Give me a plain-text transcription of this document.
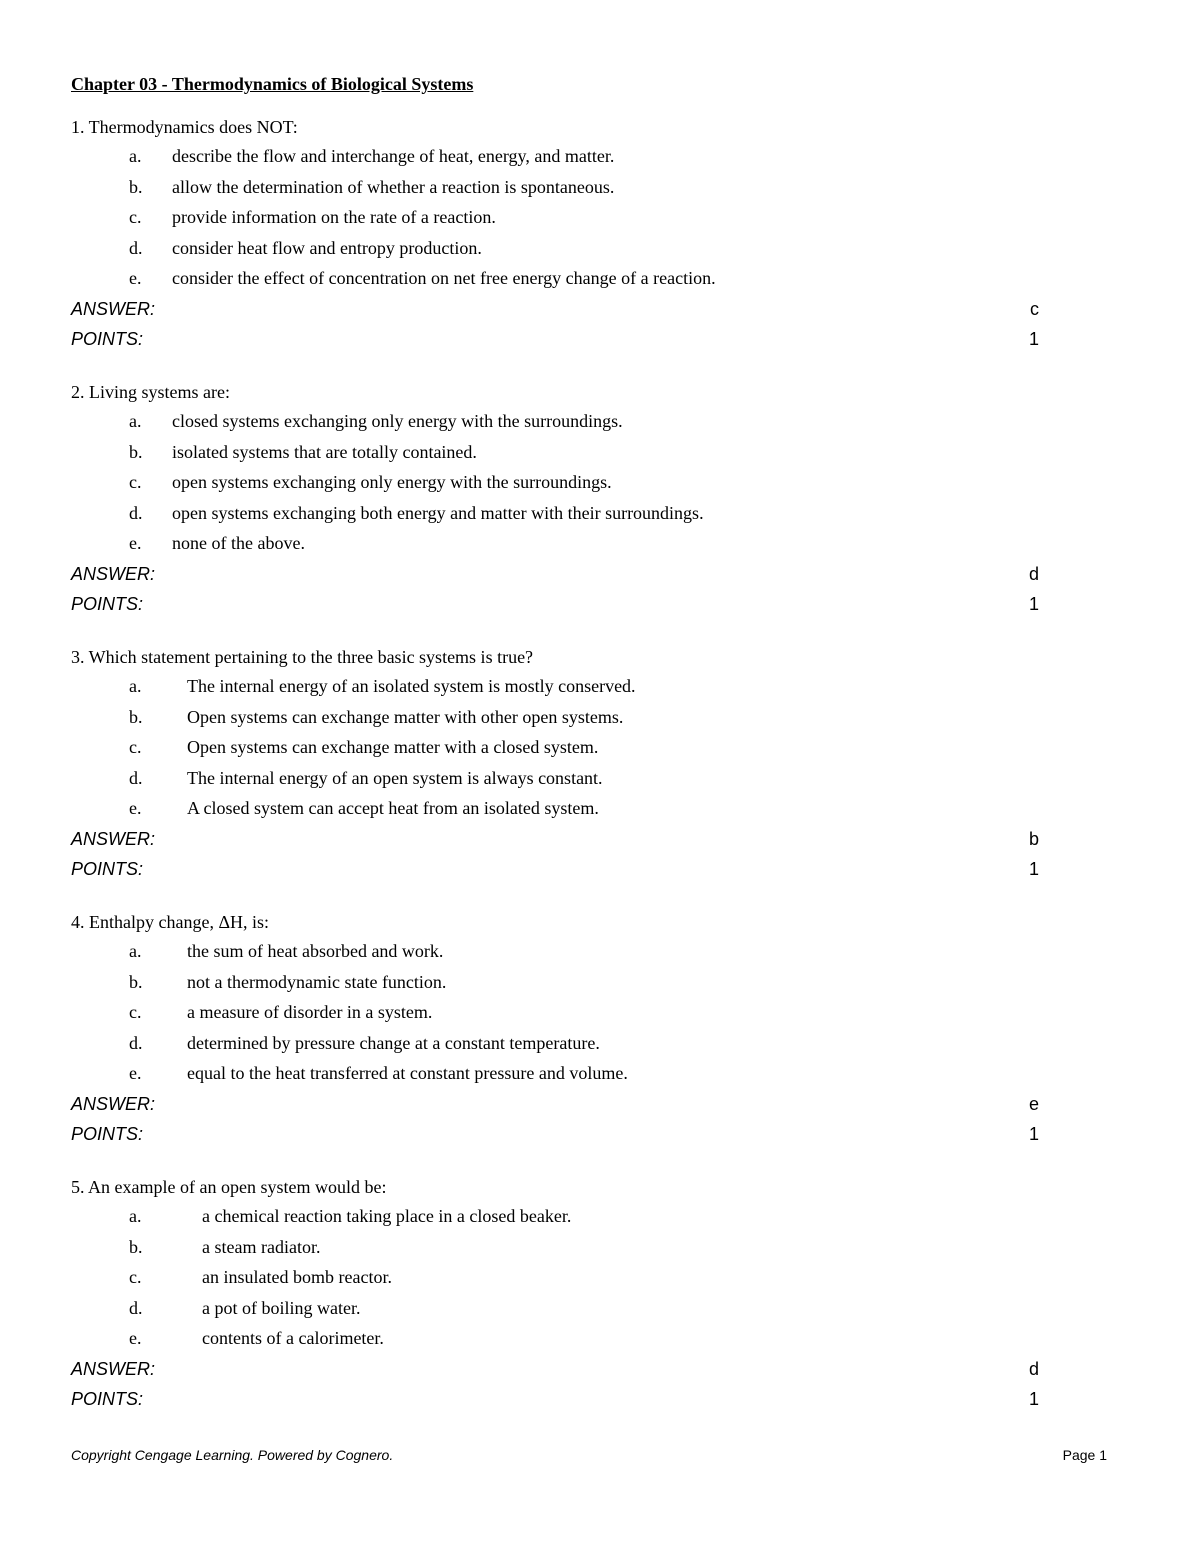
Chapter 03 - Thermodynamics of Biological Systems
1. Thermodynamics does NOT:
a.	describe the flow and interchange of heat, energy, and matter.
b.	allow the determination of whether a reaction is spontaneous.
c.	provide information on the rate of a reaction.
d.	consider heat flow and entropy production.
e.	consider the effect of concentration on net free energy change of a reaction.
ANSWER:	c
POINTS:	1
2. Living systems are:
a.	closed systems exchanging only energy with the surroundings.
b.	isolated systems that are totally contained.
c.	open systems exchanging only energy with the surroundings.
d.	open systems exchanging both energy and matter with their surroundings.
e.	none of the above.
ANSWER:	d
POINTS:	1
3. Which statement pertaining to the three basic systems is true?
a.	The internal energy of an isolated system is mostly conserved.
b.	Open systems can exchange matter with other open systems.
c.	Open systems can exchange matter with a closed system.
d.	The internal energy of an open system is always constant.
e.	A closed system can accept heat from an isolated system.
ANSWER:	b
POINTS:	1
4. Enthalpy change, ΔH, is:
a.	the sum of heat absorbed and work.
b.	not a thermodynamic state function.
c.	a measure of disorder in a system.
d.	determined by pressure change at a constant temperature.
e.	equal to the heat transferred at constant pressure and volume.
ANSWER:	e
POINTS:	1
5. An example of an open system would be:
a.	a chemical reaction taking place in a closed beaker.
b.	a steam radiator.
c.	an insulated bomb reactor.
d.	a pot of boiling water.
e.	contents of a calorimeter.
ANSWER:	d
POINTS:	1
Copyright Cengage Learning. Powered by Cognero.	Page 1
